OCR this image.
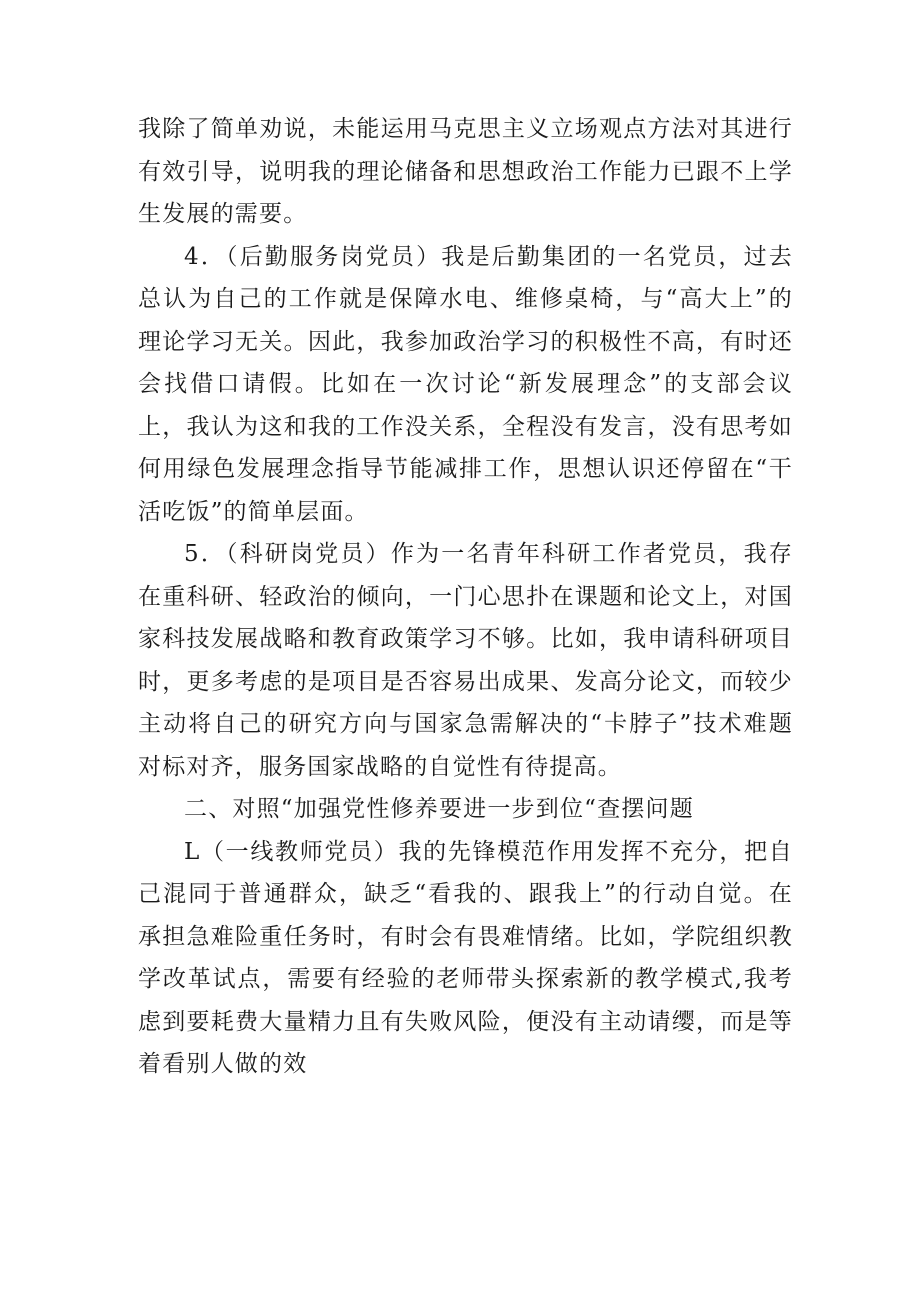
我除了简单劝说，未能运用马克思主义立场观点方法对其进行有效引导，说明我的理论储备和思想政治工作能力已跟不上学生发展的需要。

4．（后勤服务岗党员）我是后勤集团的一名党员，过去总认为自己的工作就是保障水电、维修桌椅，与“高大上”的理论学习无关。因此，我参加政治学习的积极性不高，有时还会找借口请假。比如在一次讨论“新发展理念”的支部会议上，我认为这和我的工作没关系，全程没有发言，没有思考如何用绿色发展理念指导节能减排工作，思想认识还停留在“干活吃饭”的简单层面。

5．（科研岗党员）作为一名青年科研工作者党员，我存在重科研、轻政治的倾向，一门心思扑在课题和论文上，对国家科技发展战略和教育政策学习不够。比如，我申请科研项目时，更多考虑的是项目是否容易出成果、发高分论文，而较少主动将自己的研究方向与国家急需解决的“卡脖子”技术难题对标对齐，服务国家战略的自觉性有待提高。

二、对照“加强党性修养要进一步到位“查摆问题

L（一线教师党员）我的先锋模范作用发挥不充分，把自己混同于普通群众，缺乏“看我的、跟我上”的行动自觉。在承担急难险重任务时，有时会有畏难情绪。比如，学院组织教学改革试点，需要有经验的老师带头探索新的教学模式,我考虑到要耗费大量精力且有失败风险，便没有主动请缨，而是等着看别人做的效
